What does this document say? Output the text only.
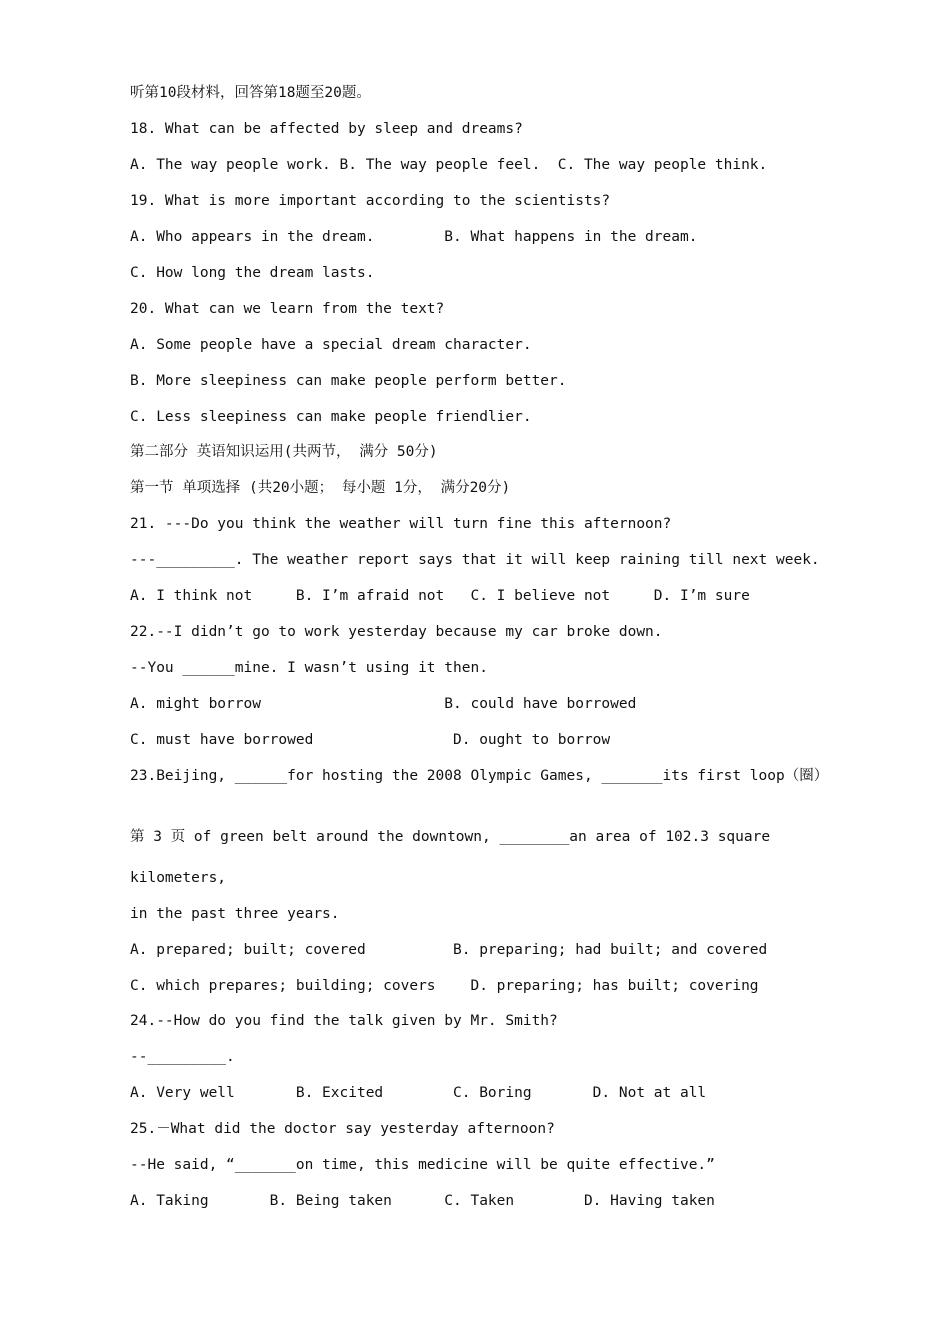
听第10段材料，回答第18题至20题。
18. What can be affected by sleep and dreams?
A. The way people work. B. The way people feel.  C. The way people think.
19. What is more important according to the scientists?
A. Who appears in the dream.        B. What happens in the dream.
C. How long the dream lasts.
20. What can we learn from the text?
A. Some people have a special dream character.
B. More sleepiness can make people perform better.
C. Less sleepiness can make people friendlier.
第二部分 英语知识运用(共两节， 满分 50分)
第一节 单项选择 (共20小题； 每小题 1分， 满分20分)
21. ---Do you think the weather will turn fine this afternoon?
---_________. The weather report says that it will keep raining till next week.
A. I think not     B. I’m afraid not   C. I believe not     D. I’m sure
22.--I didn’t go to work yesterday because my car broke down.
--You ______mine. I wasn’t using it then.
A. might borrow                     B. could have borrowed
C. must have borrowed                D. ought to borrow
23.Beijing, ______for hosting the 2008 Olympic Games, _______its first loop（圈）
第 3 页 of green belt around the downtown, ________an area of 102.3 square
kilometers,
in the past three years.
A. prepared; built; covered          B. preparing; had built; and covered
C. which prepares; building; covers    D. preparing; has built; covering
24.--How do you find the talk given by Mr. Smith?
--_________.
A. Very well       B. Excited        C. Boring       D. Not at all
25.－What did the doctor say yesterday afternoon?
--He said, “_______on time, this medicine will be quite effective.”
A. Taking       B. Being taken      C. Taken        D. Having taken
